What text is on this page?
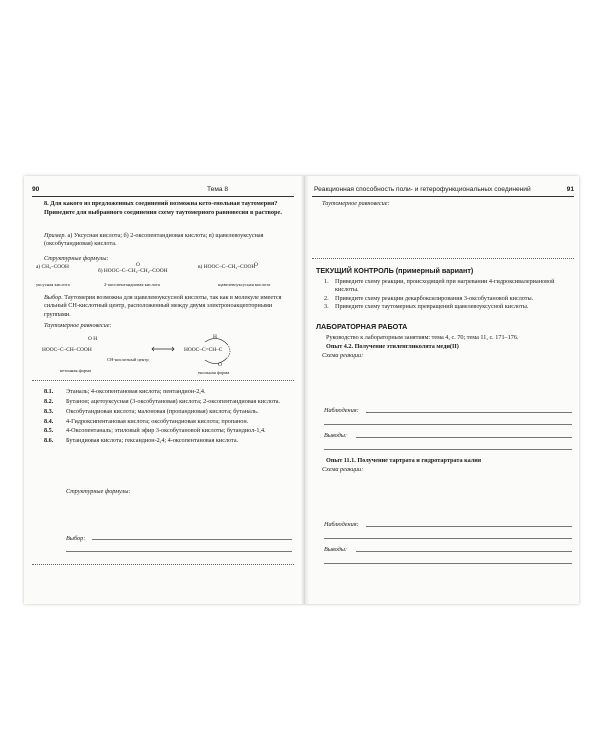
90	Тема 8
8. Для какого из предложенных соединений возможна кето-енольная таутомерия? Приведите для выбранного соединения схему таутомерного равновесия в растворе.
Пример. а) Уксусная кислота; б) 2-оксопентандиовая кислота; в) щавелевоуксусная (оксобутандиовая) кислота.
Структурные формулы:
а) CH₃–COOH
б) HOOC–C–CH₂–CH₂–COOH
O	в) HOOC–C–CH₂–COOH
O
уксусная кислота	2-оксопентандиовая кислота	щавелевоуксусная кислота
Выбор. Таутомерия возможна для щавелевоуксусной кислоты, так как в молекуле имеется сильный CH-кислотный центр, расположенный между двумя электроноакцепторными группами.
Таутомерное равновесие:
HOOC–C–CH–COOH
O H
CH-кислотный центр
кетонная форма
HOOC–C=CH–C
H
O
енольная форма
8.1. Этаналь; 4-оксопентановая кислота; пентандион-2,4.
8.2. Бутанон; ацетоуксусная (3-оксобутановая) кислота; 2-оксопентандиовая кислота.
8.3. Оксобутандиовая кислота; малоновая (пропандиовая) кислота; бутаналь.
8.4. 4-Гидроксипентановая кислота; оксобутандиовая кислота; пропанон.
8.5. 4-Оксопентаналь; этиловый эфир 3-оксобутановой кислоты; бутандиол-1,4.
8.6. Бутандиовая кислота; гександион-2,4; 4-оксопентановая кислота.
Структурные формулы:
Выбор:
Реакционная способность поли- и гетерофункциональных соединений	91
Таутомерное равновесие:
ТЕКУЩИЙ КОНТРОЛЬ (примерный вариант)
1. Приведите схему реакции, происходящей при нагревании 4-гидроксивалериановой кислоты.
2. Приведите схему реакции декарбоксилирования 3-оксобутановой кислоты.
3. Приведите схему таутомерных превращений щавелевоуксусной кислоты.
ЛАБОРАТОРНАЯ РАБОТА
Руководство к лабораторным занятиям: тема 4, с. 70; тема 11, с. 171–176.
Опыт 4.2. Получение этиленгликолята меди(II)
Схема реакции:
Наблюдения:
Выводы:
Опыт 11.1. Получение тартрата и гидротартрата калия
Схема реакции:
Наблюдения:
Выводы:
